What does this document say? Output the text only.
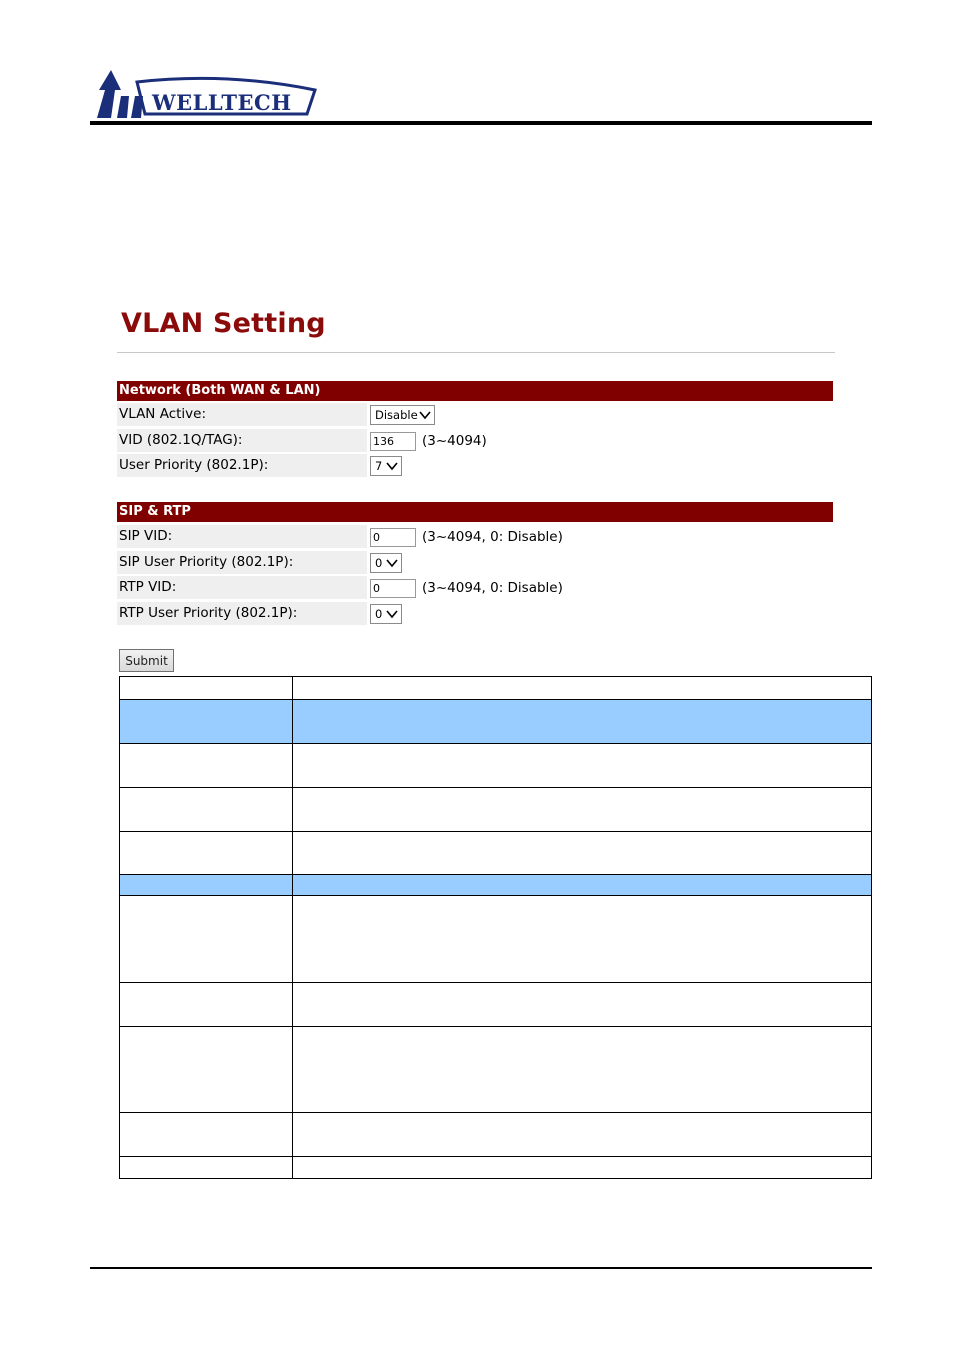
WELLTECH
VLAN Setting
Network (Both WAN & LAN)
VLAN Active:	Disable
VID (802.1Q/TAG):	136	(3~4094)
User Priority (802.1P):	7
SIP & RTP
SIP VID:	0	(3~4094, 0: Disable)
SIP User Priority (802.1P):	0
RTP VID:	0	(3~4094, 0: Disable)
RTP User Priority (802.1P):	0
Submit
